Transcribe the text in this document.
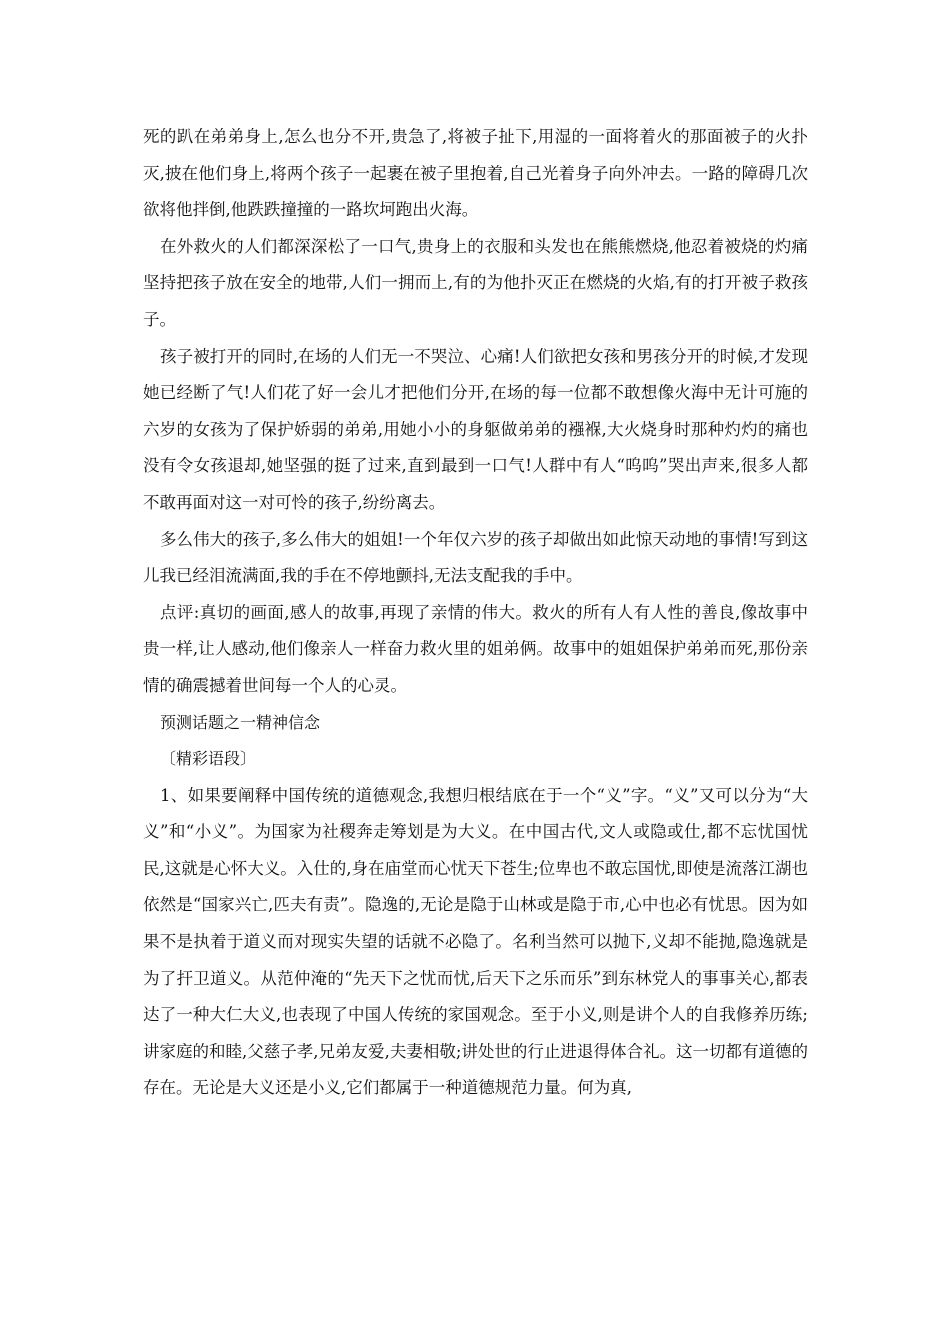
死的趴在弟弟身上,怎么也分不开,贵急了,将被子扯下,用湿的一面将着火的那面被子的火扑灭,披在他们身上,将两个孩子一起裹在被子里抱着,自己光着身子向外冲去。一路的障碍几次欲将他拌倒,他跌跌撞撞的一路坎坷跑出火海。

在外救火的人们都深深松了一口气,贵身上的衣服和头发也在熊熊燃烧,他忍着被烧的灼痛坚持把孩子放在安全的地带,人们一拥而上,有的为他扑灭正在燃烧的火焰,有的打开被子救孩子。

孩子被打开的同时,在场的人们无一不哭泣、心痛!人们欲把女孩和男孩分开的时候,才发现她已经断了气!人们花了好一会儿才把他们分开,在场的每一位都不敢想像火海中无计可施的六岁的女孩为了保护娇弱的弟弟,用她小小的身躯做弟弟的襁褓,大火烧身时那种灼灼的痛也没有令女孩退却,她坚强的挺了过来,直到最到一口气!人群中有人“呜呜”哭出声来,很多人都不敢再面对这一对可怜的孩子,纷纷离去。

多么伟大的孩子,多么伟大的姐姐!一个年仅六岁的孩子却做出如此惊天动地的事情!写到这儿我已经泪流满面,我的手在不停地颤抖,无法支配我的手中。

点评:真切的画面,感人的故事,再现了亲情的伟大。救火的所有人有人性的善良,像故事中贵一样,让人感动,他们像亲人一样奋力救火里的姐弟俩。故事中的姐姐保护弟弟而死,那份亲情的确震撼着世间每一个人的心灵。

预测话题之一精神信念

〔精彩语段〕

1、如果要阐释中国传统的道德观念,我想归根结底在于一个“义”字。“义”又可以分为“大义”和“小义”。为国家为社稷奔走筹划是为大义。在中国古代,文人或隐或仕,都不忘忧国忧民,这就是心怀大义。入仕的,身在庙堂而心忧天下苍生;位卑也不敢忘国忧,即使是流落江湖也依然是“国家兴亡,匹夫有责”。隐逸的,无论是隐于山林或是隐于市,心中也必有忧思。因为如果不是执着于道义而对现实失望的话就不必隐了。名利当然可以抛下,义却不能抛,隐逸就是为了扞卫道义。从范仲淹的“先天下之忧而忧,后天下之乐而乐”到东林党人的事事关心,都表达了一种大仁大义,也表现了中国人传统的家国观念。至于小义,则是讲个人的自我修养历练;讲家庭的和睦,父慈子孝,兄弟友爱,夫妻相敬;讲处世的行止进退得体合礼。这一切都有道德的存在。无论是大义还是小义,它们都属于一种道德规范力量。何为真,
